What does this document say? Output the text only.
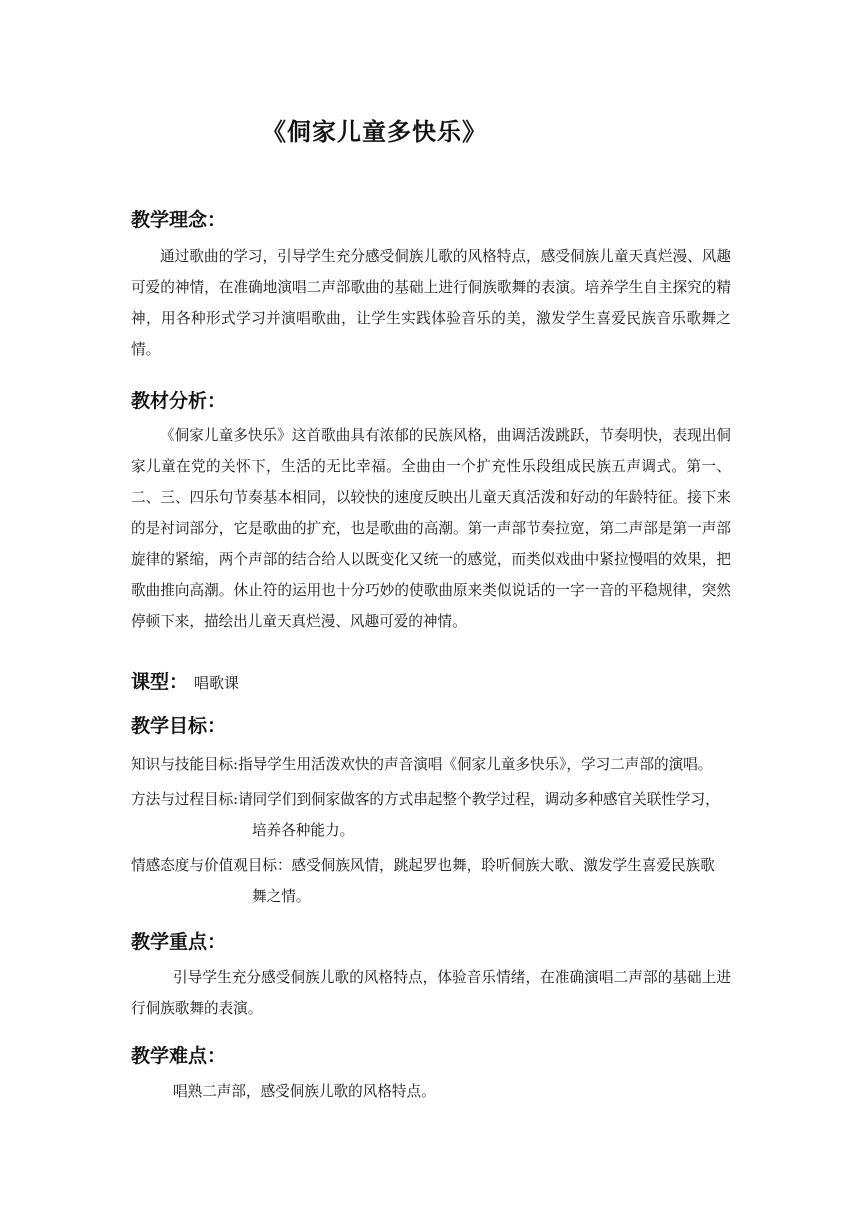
《侗家儿童多快乐》
教学理念：

通过歌曲的学习，引导学生充分感受侗族儿歌的风格特点，感受侗族儿童天真烂漫、风趣可爱的神情，在准确地演唱二声部歌曲的基础上进行侗族歌舞的表演。培养学生自主探究的精神，用各种形式学习并演唱歌曲，让学生实践体验音乐的美，激发学生喜爱民族音乐歌舞之情。

教材分析：

《侗家儿童多快乐》这首歌曲具有浓郁的民族风格，曲调活泼跳跃，节奏明快，表现出侗家儿童在党的关怀下，生活的无比幸福。全曲由一个扩充性乐段组成民族五声调式。第一、二、三、四乐句节奏基本相同，以较快的速度反映出儿童天真活泼和好动的年龄特征。接下来的是衬词部分，它是歌曲的扩充，也是歌曲的高潮。第一声部节奏拉宽，第二声部是第一声部旋律的紧缩，两个声部的结合给人以既变化又统一的感觉，而类似戏曲中紧拉慢唱的效果，把歌曲推向高潮。休止符的运用也十分巧妙的使歌曲原来类似说话的一字一音的平稳规律，突然停顿下来，描绘出儿童天真烂漫、风趣可爱的神情。

课型： 唱歌课
教学目标：

知识与技能目标:指导学生用活泼欢快的声音演唱《侗家儿童多快乐》，学习二声部的演唱。

方法与过程目标:请同学们到侗家做客的方式串起整个教学过程，调动多种感官关联性学习，
培养各种能力。

情感态度与价值观目标：感受侗族风情，跳起罗也舞，聆听侗族大歌、激发学生喜爱民族歌
舞之情。

教学重点：

引导学生充分感受侗族儿歌的风格特点，体验音乐情绪，在准确演唱二声部的基础上进行侗族歌舞的表演。

教学难点：

唱熟二声部，感受侗族儿歌的风格特点。
